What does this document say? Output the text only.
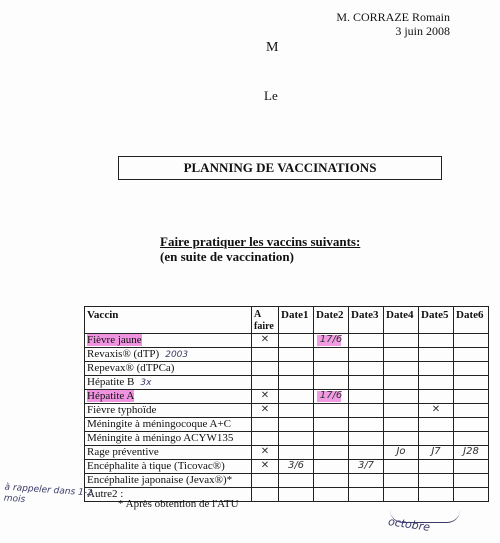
M. CORRAZE Romain
3 juin 2008
M
Le
PLANNING DE VACCINATIONS
Faire pratiquer les vaccins suivants:
(en suite de vaccination)
Vaccin	A faire	Date1	Date2	Date3	Date4	Date5	Date6
Fièvre jaune	✕		17/6				

Revaxis® (dTP) 2003	

Repevax® (dTPCa)	

Hépatite B 3x	

Hépatite A	✕		17/6				

Fièvre typhoïde	✕					✕	

Méningite à méningocoque A+C	

Méningite à méningo ACYW135	

Rage préventive	✕				Jo	J7	J28

Encéphalite à tique (Ticovac®)	✕	3/6		3/7			

Encéphalite japonaise (Jevax®)*	

Autre2 :	

* Après obtention de l'ATU
à rappeler dans 1-2 mois
octobre
